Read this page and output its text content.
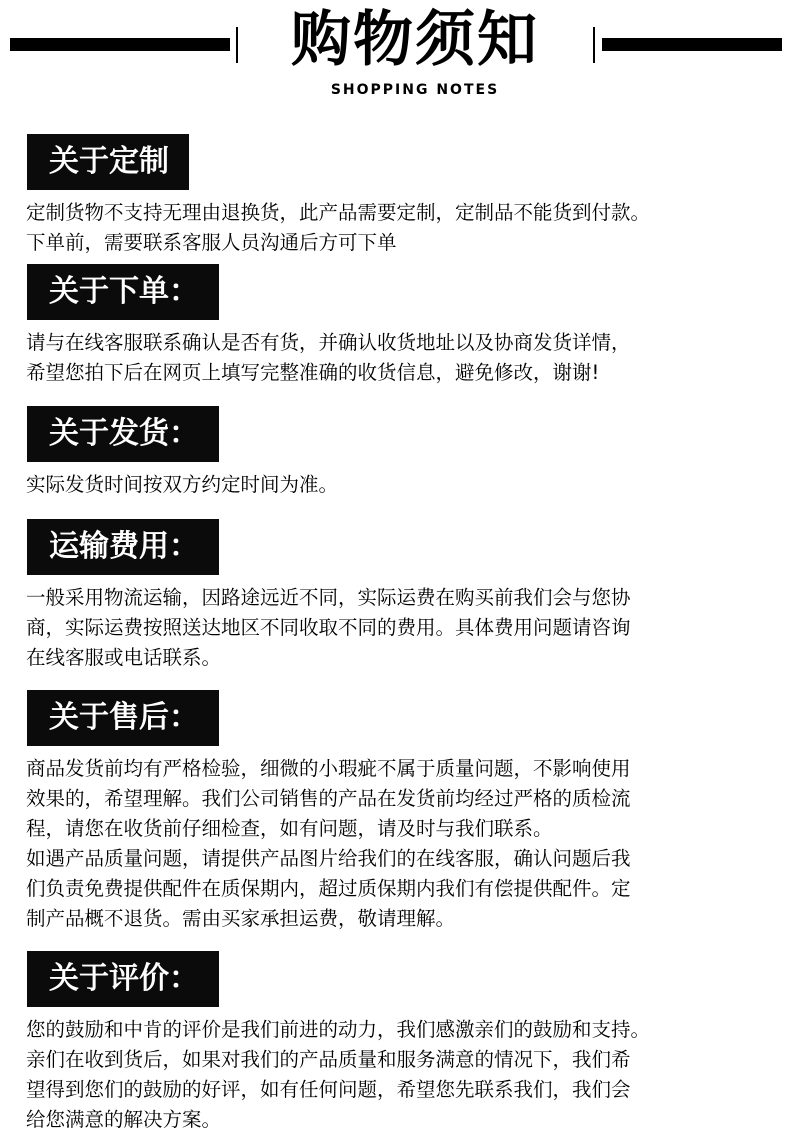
购物须知
SHOPPING NOTES
关于定制
定制货物不支持无理由退换货，此产品需要定制，定制品不能货到付款。
下单前，需要联系客服人员沟通后方可下单
关于下单：
请与在线客服联系确认是否有货，并确认收货地址以及协商发货详情，
希望您拍下后在网页上填写完整准确的收货信息，避免修改，谢谢!
关于发货：
实际发货时间按双方约定时间为准。
运输费用：
一般采用物流运输，因路途远近不同，实际运费在购买前我们会与您协
商，实际运费按照送达地区不同收取不同的费用。具体费用问题请咨询
在线客服或电话联系。
关于售后：
商品发货前均有严格检验，细微的小瑕疵不属于质量问题，不影响使用
效果的，希望理解。我们公司销售的产品在发货前均经过严格的质检流
程，请您在收货前仔细检查，如有问题，请及时与我们联系。
如遇产品质量问题，请提供产品图片给我们的在线客服，确认问题后我
们负责免费提供配件在质保期内，超过质保期内我们有偿提供配件。定
制产品概不退货。需由买家承担运费，敬请理解。
关于评价：
您的鼓励和中肯的评价是我们前进的动力，我们感激亲们的鼓励和支持。
亲们在收到货后，如果对我们的产品质量和服务满意的情况下，我们希
望得到您们的鼓励的好评，如有任何问题，希望您先联系我们，我们会
给您满意的解决方案。
